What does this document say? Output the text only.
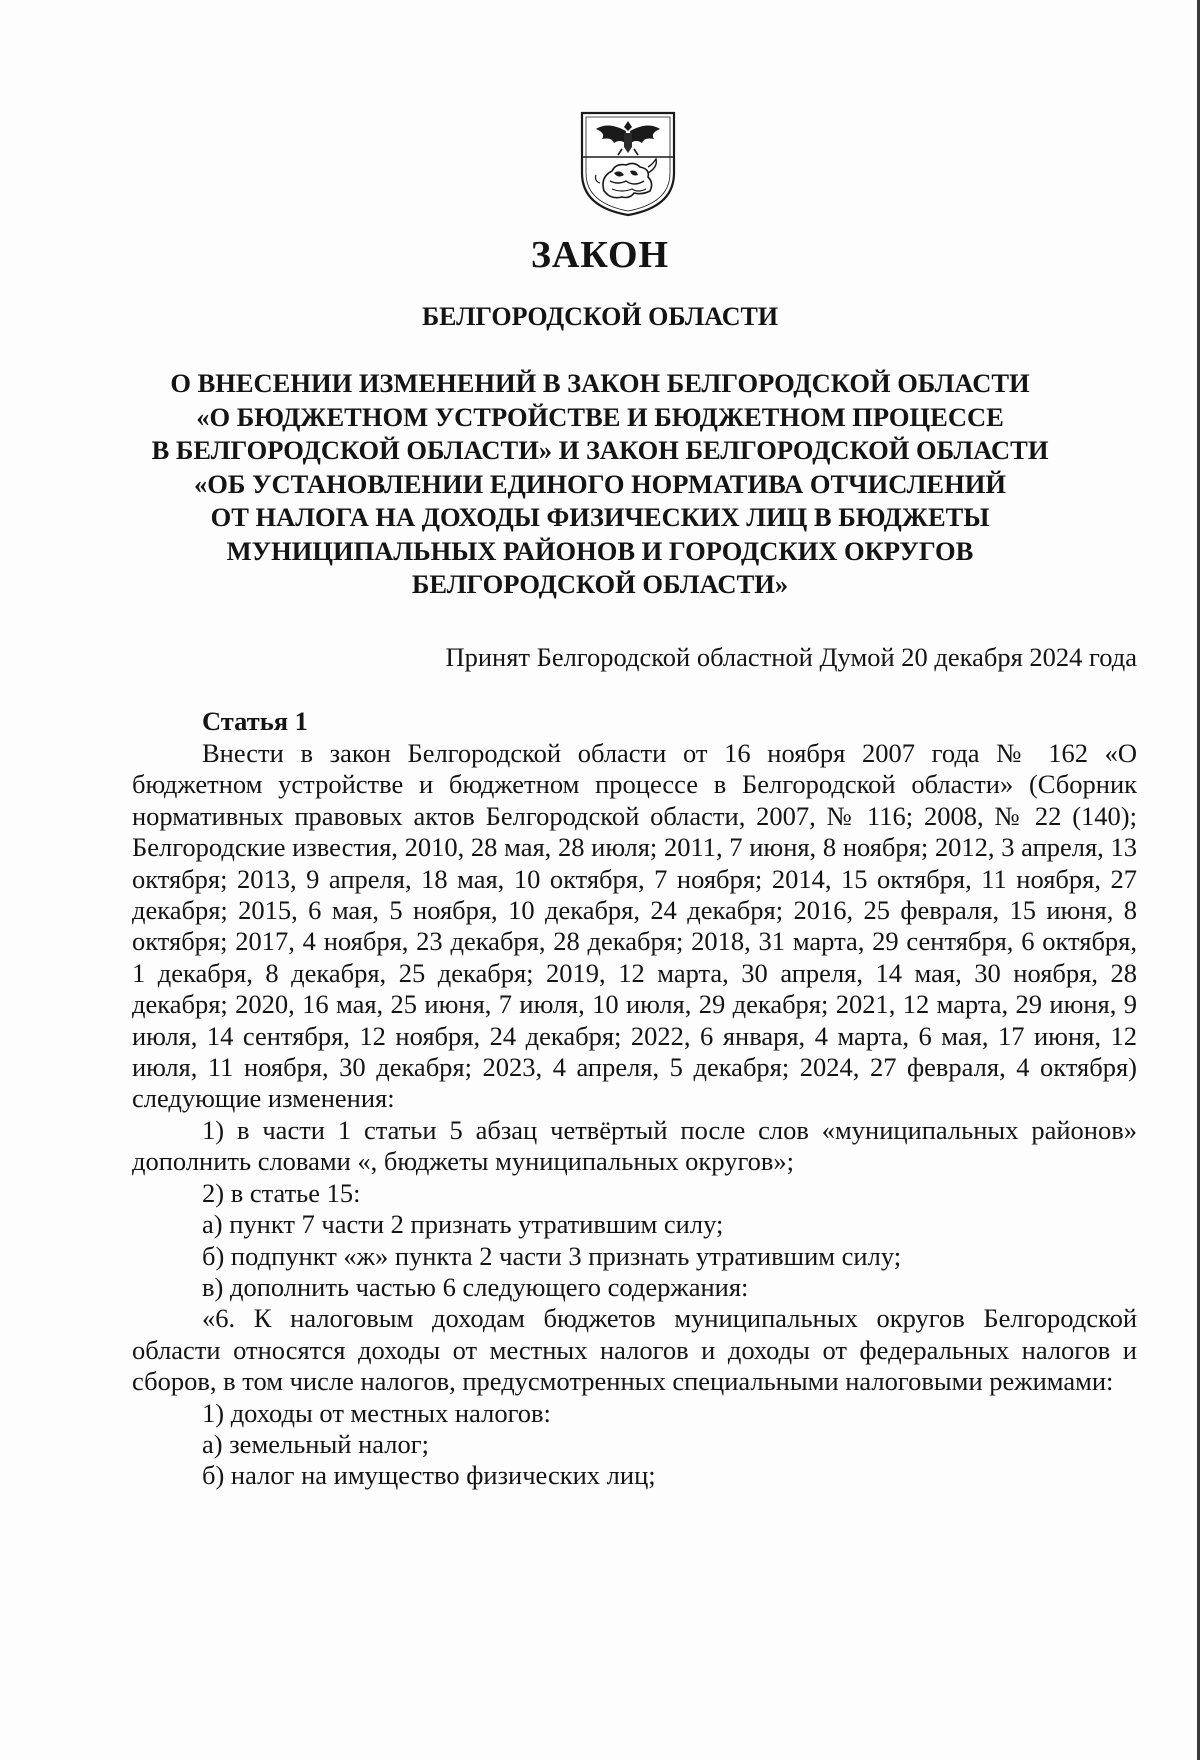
ЗАКОН
БЕЛГОРОДСКОЙ ОБЛАСТИ
О ВНЕСЕНИИ ИЗМЕНЕНИЙ В ЗАКОН БЕЛГОРОДСКОЙ ОБЛАСТИ
«О БЮДЖЕТНОМ УСТРОЙСТВЕ И БЮДЖЕТНОМ ПРОЦЕССЕ
В БЕЛГОРОДСКОЙ ОБЛАСТИ» И ЗАКОН БЕЛГОРОДСКОЙ ОБЛАСТИ
«ОБ УСТАНОВЛЕНИИ ЕДИНОГО НОРМАТИВА ОТЧИСЛЕНИЙ
ОТ НАЛОГА НА ДОХОДЫ ФИЗИЧЕСКИХ ЛИЦ В БЮДЖЕТЫ
МУНИЦИПАЛЬНЫХ РАЙОНОВ И ГОРОДСКИХ ОКРУГОВ
БЕЛГОРОДСКОЙ ОБЛАСТИ»
Принят Белгородской областной Думой 20 декабря 2024 года
Статья 1

Внести в закон Белгородской области от 16 ноября 2007 года № 162 «О бюджетном устройстве и бюджетном процессе в Белгородской области» (Сборник нормативных правовых актов Белгородской области, 2007, № 116; 2008, № 22 (140); Белгородские известия, 2010, 28 мая, 28 июля; 2011, 7 июня, 8 ноября; 2012, 3 апреля, 13 октября; 2013, 9 апреля, 18 мая, 10 октября, 7 ноября; 2014, 15 октября, 11 ноября, 27 декабря; 2015, 6 мая, 5 ноября, 10 декабря, 24 декабря; 2016, 25 февраля, 15 июня, 8 октября; 2017, 4 ноября, 23 декабря, 28 декабря; 2018, 31 марта, 29 сентября, 6 октября, 1 декабря, 8 декабря, 25 декабря; 2019, 12 марта, 30 апреля, 14 мая, 30 ноября, 28 декабря; 2020, 16 мая, 25 июня, 7 июля, 10 июля, 29 декабря; 2021, 12 марта, 29 июня, 9 июля, 14 сентября, 12 ноября, 24 декабря; 2022, 6 января, 4 марта, 6 мая, 17 июня, 12 июля, 11 ноября, 30 декабря; 2023, 4 апреля, 5 декабря; 2024, 27 февраля, 4 октября) следующие изменения:

1) в части 1 статьи 5 абзац четвёртый после слов «муниципальных районов» дополнить словами «, бюджеты муниципальных округов»;

2) в статье 15:

а) пункт 7 части 2 признать утратившим силу;

б) подпункт «ж» пункта 2 части 3 признать утратившим силу;

в) дополнить частью 6 следующего содержания:

«6. К налоговым доходам бюджетов муниципальных округов Белгородской области относятся доходы от местных налогов и доходы от федеральных налогов и сборов, в том числе налогов, предусмотренных специальными налоговыми режимами:

1) доходы от местных налогов:

а) земельный налог;

б) налог на имущество физических лиц;
